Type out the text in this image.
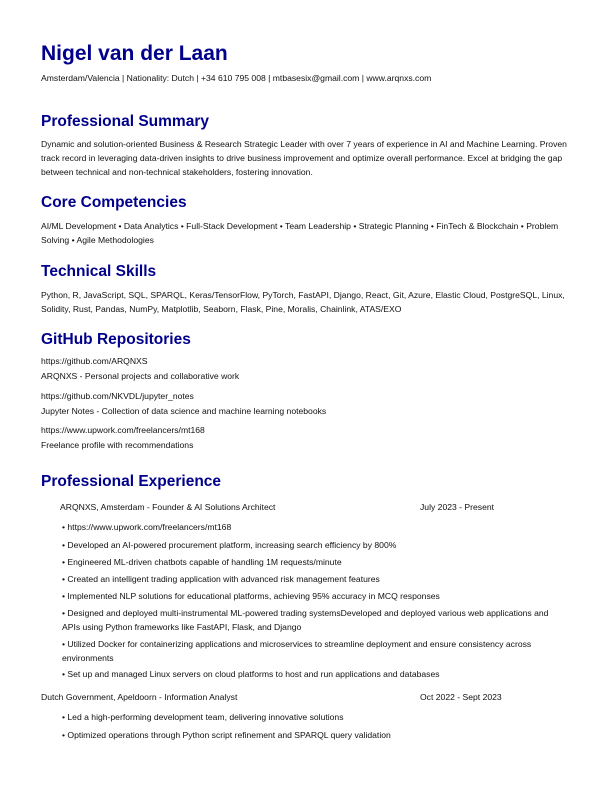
Nigel van der Laan
Amsterdam/Valencia | Nationality: Dutch | +34 610 795 008 | mtbasesix@gmail.com | www.arqnxs.com
Professional Summary
Dynamic and solution-oriented Business & Research Strategic Leader with over 7 years of experience in AI and Machine Learning. Proven track record in leveraging data-driven insights to drive business improvement and optimize overall performance. Excel at bridging the gap between technical and non-technical stakeholders, fostering innovation.
Core Competencies
AI/ML Development • Data Analytics • Full-Stack Development • Team Leadership • Strategic Planning • FinTech & Blockchain • Problem Solving • Agile Methodologies
Technical Skills
Python, R, JavaScript, SQL, SPARQL, Keras/TensorFlow, PyTorch, FastAPI, Django, React, Git, Azure, Elastic Cloud, PostgreSQL, Linux, Solidity, Rust, Pandas, NumPy, Matplotlib, Seaborn, Flask, Pine, Moralis, Chainlink, ATAS/EXO
GitHub Repositories
https://github.com/ARQNXS
ARQNXS - Personal projects and collaborative work
https://github.com/NKVDL/jupyter_notes
Jupyter Notes - Collection of data science and machine learning notebooks
https://www.upwork.com/freelancers/mt168
Freelance profile with recommendations
Professional Experience
ARQNXS, Amsterdam - Founder & AI Solutions Architect	July 2023 - Present
• https://www.upwork.com/freelancers/mt168
• Developed an AI-powered procurement platform, increasing search efficiency by 800%
• Engineered ML-driven chatbots capable of handling 1M requests/minute
• Created an intelligent trading application with advanced risk management features
• Implemented NLP solutions for educational platforms, achieving 95% accuracy in MCQ responses
• Designed and deployed multi-instrumental ML-powered trading systemsDeveloped and deployed various web applications and APIs using Python frameworks like FastAPI, Flask, and Django
• Utilized Docker for containerizing applications and microservices to streamline deployment and ensure consistency across environments
• Set up and managed Linux servers on cloud platforms to host and run applications and databases
Dutch Government, Apeldoorn - Information Analyst	Oct 2022 - Sept 2023
• Led a high-performing development team, delivering innovative solutions
• Optimized operations through Python script refinement and SPARQL query validation
